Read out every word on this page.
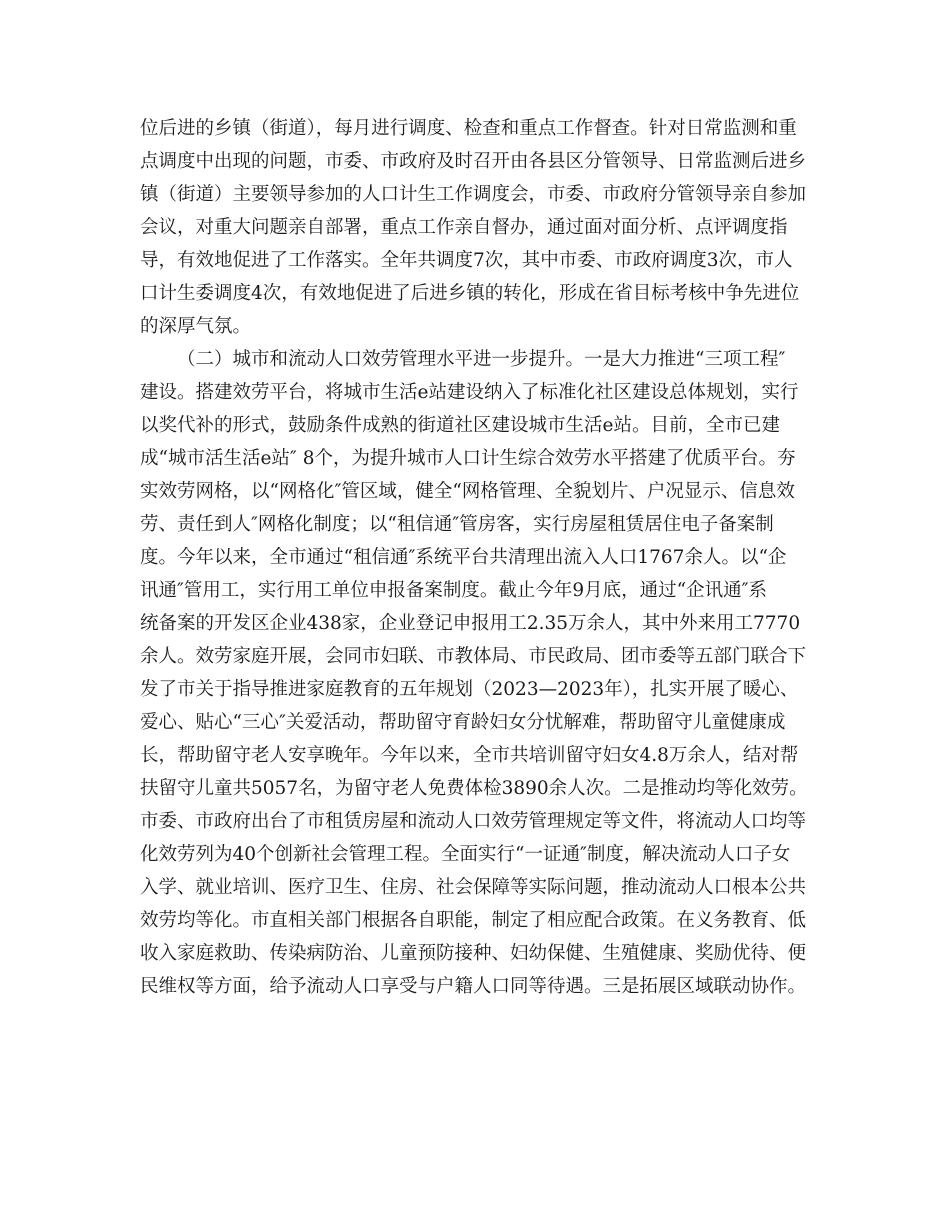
位后进的乡镇（街道），每月进行调度、检查和重点工作督查。针对日常监测和重
点调度中出现的问题，市委、市政府及时召开由各县区分管领导、日常监测后进乡
镇（街道）主要领导参加的人口计生工作调度会，市委、市政府分管领导亲自参加
会议，对重大问题亲自部署，重点工作亲自督办，通过面对面分析、点评调度指
导，有效地促进了工作落实。全年共调度7次，其中市委、市政府调度3次，市人
口计生委调度4次，有效地促进了后进乡镇的转化，形成在省目标考核中争先进位
的深厚气氛。
（二）城市和流动人口效劳管理水平进一步提升。一是大力推进“三项工程″
建设。搭建效劳平台，将城市生活e站建设纳入了标准化社区建设总体规划，实行
以奖代补的形式，鼓励条件成熟的街道社区建设城市生活e站。目前，全市已建
成“城市活生活e站″ 8个，为提升城市人口计生综合效劳水平搭建了优质平台。夯
实效劳网格，以“网格化″管区域，健全“网格管理、全貌划片、户况显示、信息效
劳、责任到人″网格化制度；以“租信通″管房客，实行房屋租赁居住电子备案制
度。今年以来，全市通过“租信通″系统平台共清理出流入人口1767余人。以“企
讯通″管用工，实行用工单位申报备案制度。截止今年9月底，通过“企讯通″系
统备案的开发区企业438家，企业登记申报用工2.35万余人，其中外来用工7770
余人。效劳家庭开展，会同市妇联、市教体局、市民政局、团市委等五部门联合下
发了市关于指导推进家庭教育的五年规划（2023—2023年），扎实开展了暖心、
爱心、贴心“三心″关爱活动，帮助留守育龄妇女分忧解难，帮助留守儿童健康成
长，帮助留守老人安享晚年。今年以来，全市共培训留守妇女4.8万余人，结对帮
扶留守儿童共5057名，为留守老人免费体检3890余人次。二是推动均等化效劳。
市委、市政府出台了市租赁房屋和流动人口效劳管理规定等文件，将流动人口均等
化效劳列为40个创新社会管理工程。全面实行“一证通″制度，解决流动人口子女
入学、就业培训、医疗卫生、住房、社会保障等实际问题，推动流动人口根本公共
效劳均等化。市直相关部门根据各自职能，制定了相应配合政策。在义务教育、低
收入家庭救助、传染病防治、儿童预防接种、妇幼保健、生殖健康、奖励优待、便
民维权等方面，给予流动人口享受与户籍人口同等待遇。三是拓展区域联动协作。
